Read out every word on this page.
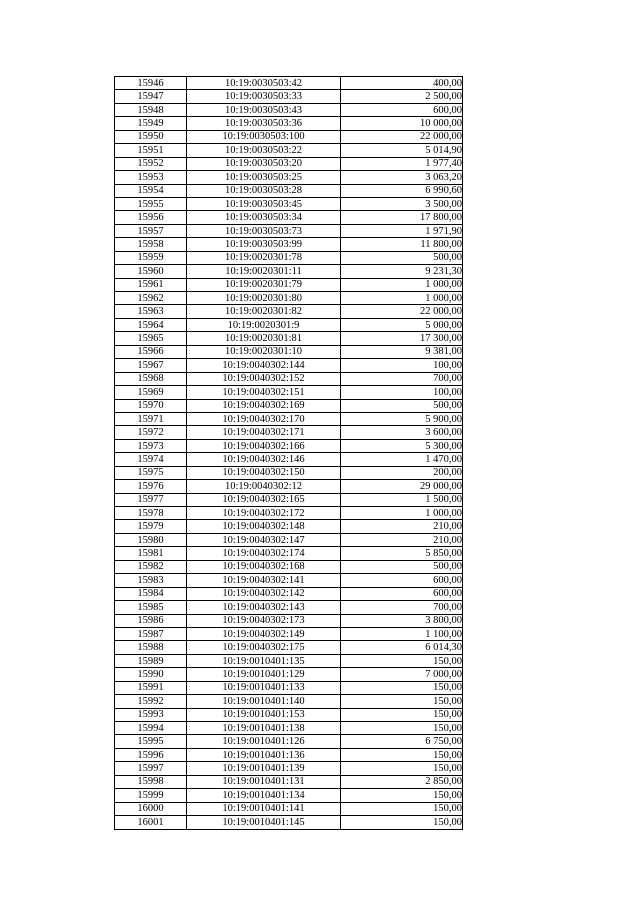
15946	10:19:0030503:42	400,00
15947	10:19:0030503:33	2 500,00
15948	10:19:0030503:43	600,00
15949	10:19:0030503:36	10 000,00
15950	10:19:0030503:100	22 000,00
15951	10:19:0030503:22	5 014,90
15952	10:19:0030503:20	1 977,40
15953	10:19:0030503:25	3 063,20
15954	10:19:0030503:28	6 990,60
15955	10:19:0030503:45	3 500,00
15956	10:19:0030503:34	17 800,00
15957	10:19:0030503:73	1 971,90
15958	10:19:0030503:99	11 800,00
15959	10:19:0020301:78	500,00
15960	10:19:0020301:11	9 231,30
15961	10:19:0020301:79	1 000,00
15962	10:19:0020301:80	1 000,00
15963	10:19:0020301:82	22 000,00
15964	10:19:0020301:9	5 000,00
15965	10:19:0020301:81	17 300,00
15966	10:19:0020301:10	9 381,00
15967	10:19:0040302:144	100,00
15968	10:19:0040302:152	700,00
15969	10:19:0040302:151	100,00
15970	10:19:0040302:169	500,00
15971	10:19:0040302:170	5 900,00
15972	10:19:0040302:171	3 600,00
15973	10:19:0040302:166	5 300,00
15974	10:19:0040302:146	1 470,00
15975	10:19:0040302:150	200,00
15976	10:19:0040302:12	29 000,00
15977	10:19:0040302:165	1 500,00
15978	10:19:0040302:172	1 000,00
15979	10:19:0040302:148	210,00
15980	10:19:0040302:147	210,00
15981	10:19:0040302:174	5 850,00
15982	10:19:0040302:168	500,00
15983	10:19:0040302:141	600,00
15984	10:19:0040302:142	600,00
15985	10:19:0040302:143	700,00
15986	10:19:0040302:173	3 800,00
15987	10:19:0040302:149	1 100,00
15988	10:19:0040302:175	6 014,30
15989	10:19:0010401:135	150,00
15990	10:19:0010401:129	7 000,00
15991	10:19:0010401:133	150,00
15992	10:19:0010401:140	150,00
15993	10:19:0010401:153	150,00
15994	10:19:0010401:138	150,00
15995	10:19:0010401:126	6 750,00
15996	10:19:0010401:136	150,00
15997	10:19:0010401:139	150,00
15998	10:19:0010401:131	2 850,00
15999	10:19:0010401:134	150,00
16000	10:19:0010401:141	150,00
16001	10:19:0010401:145	150,00
